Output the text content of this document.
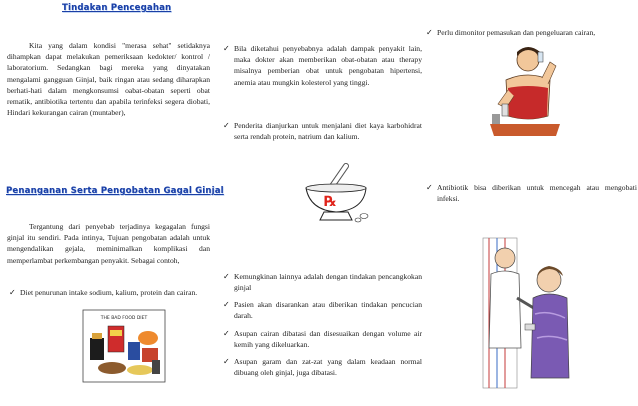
Tindakan Pencegahan

Kita yang dalam kondisi "merasa sehat" setidaknya dihampkan dapat melakukan pemeriksaan kedokter/ kontrol / laboratorium. Sedangkan bagi mereka yang dinyatakan mengalami gangguan Ginjal, baik ringan atau sedang diharapkan berhati-hati dalam mengkonsumsi oabat-obatan seperti obat rematik, antibiotika tertentu dan apabila terinfeksi segera diobati, Hindari kekurangan cairan (muntaber),

Penanganan Serta Pengobatan Gagal Ginjal

Tergantung dari penyebab terjadinya kegagalan fungsi ginjal itu sendiri. Pada intinya, Tujuan pengobatan adalah untuk mengendalikan gejala, meminimalkan komplikasi dan memperlambat perkembangan penyakit. Sebagai contoh,

✓ Diet penurunan intake sodium, kalium, protein dan cairan.

THE BAD FOOD DIET

✓ Bila diketahui penyebabnya adalah dampak penyakit lain, maka dokter akan memberikan obat-obatan atau therapy misalnya pemberian obat untuk pengobatan hipertensi, anemia atau mungkin kolesterol yang tinggi.

✓ Penderita dianjurkan untuk menjalani diet kaya karbohidrat serta rendah protein, natrium dan kalium.

℞

✓ Kemungkinan lainnya adalah dengan tindakan pencangkokan ginjal

✓ Pasien akan disarankan atau diberikan tindakan pencucian darah.

✓ Asupan cairan dibatasi dan disesuaikan dengan volume air kemih yang dikeluarkan.

✓ Asupan garam dan zat-zat yang dalam keadaan normal dibuang oleh ginjal, juga dibatasi.

✓ Perlu dimonitor pemasukan dan pengeluaran cairan,

✓ Antibiotik bisa diberikan untuk mencegah atau mengobati infeksi.
